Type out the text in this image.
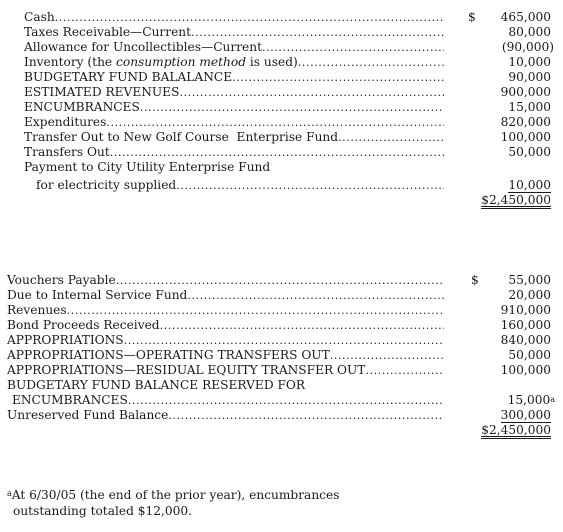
Cash .....	$ 465,000
Taxes Receivable—Current .....	80,000
Allowance for Uncollectibles—Current .....	(90,000)
Inventory (the consumption method is used) .....	10,000
BUDGETARY FUND BALALANCE .....	90,000
ESTIMATED REVENUES .....	900,000
ENCUMBRANCES .....	15,000
Expenditures .....	820,000
Transfer Out to New Golf Course  Enterprise Fund .....	100,000
Transfers Out .....	50,000
Payment to City Utility Enterprise Fund
for electricity supplied .....	10,000
$2,450,000
Vouchers Payable .....	$ 55,000
Due to Internal Service Fund .....	20,000
Revenues .....	910,000
Bond Proceeds Received .....	160,000
APPROPRIATIONS .....	840,000
APPROPRIATIONS—OPERATING TRANSFERS OUT .....	50,000
APPROPRIATIONS—RESIDUAL EQUITY TRANSFER OUT .....	100,000
BUDGETARY FUND BALANCE RESERVED FOR
ENCUMBRANCES .....	15,000$^a$
Unreserved Fund Balance .....	300,000
$2,450,000
$^a$At 6/30/05 (the end of the prior year), encumbrances
outstanding totaled $12,000.
